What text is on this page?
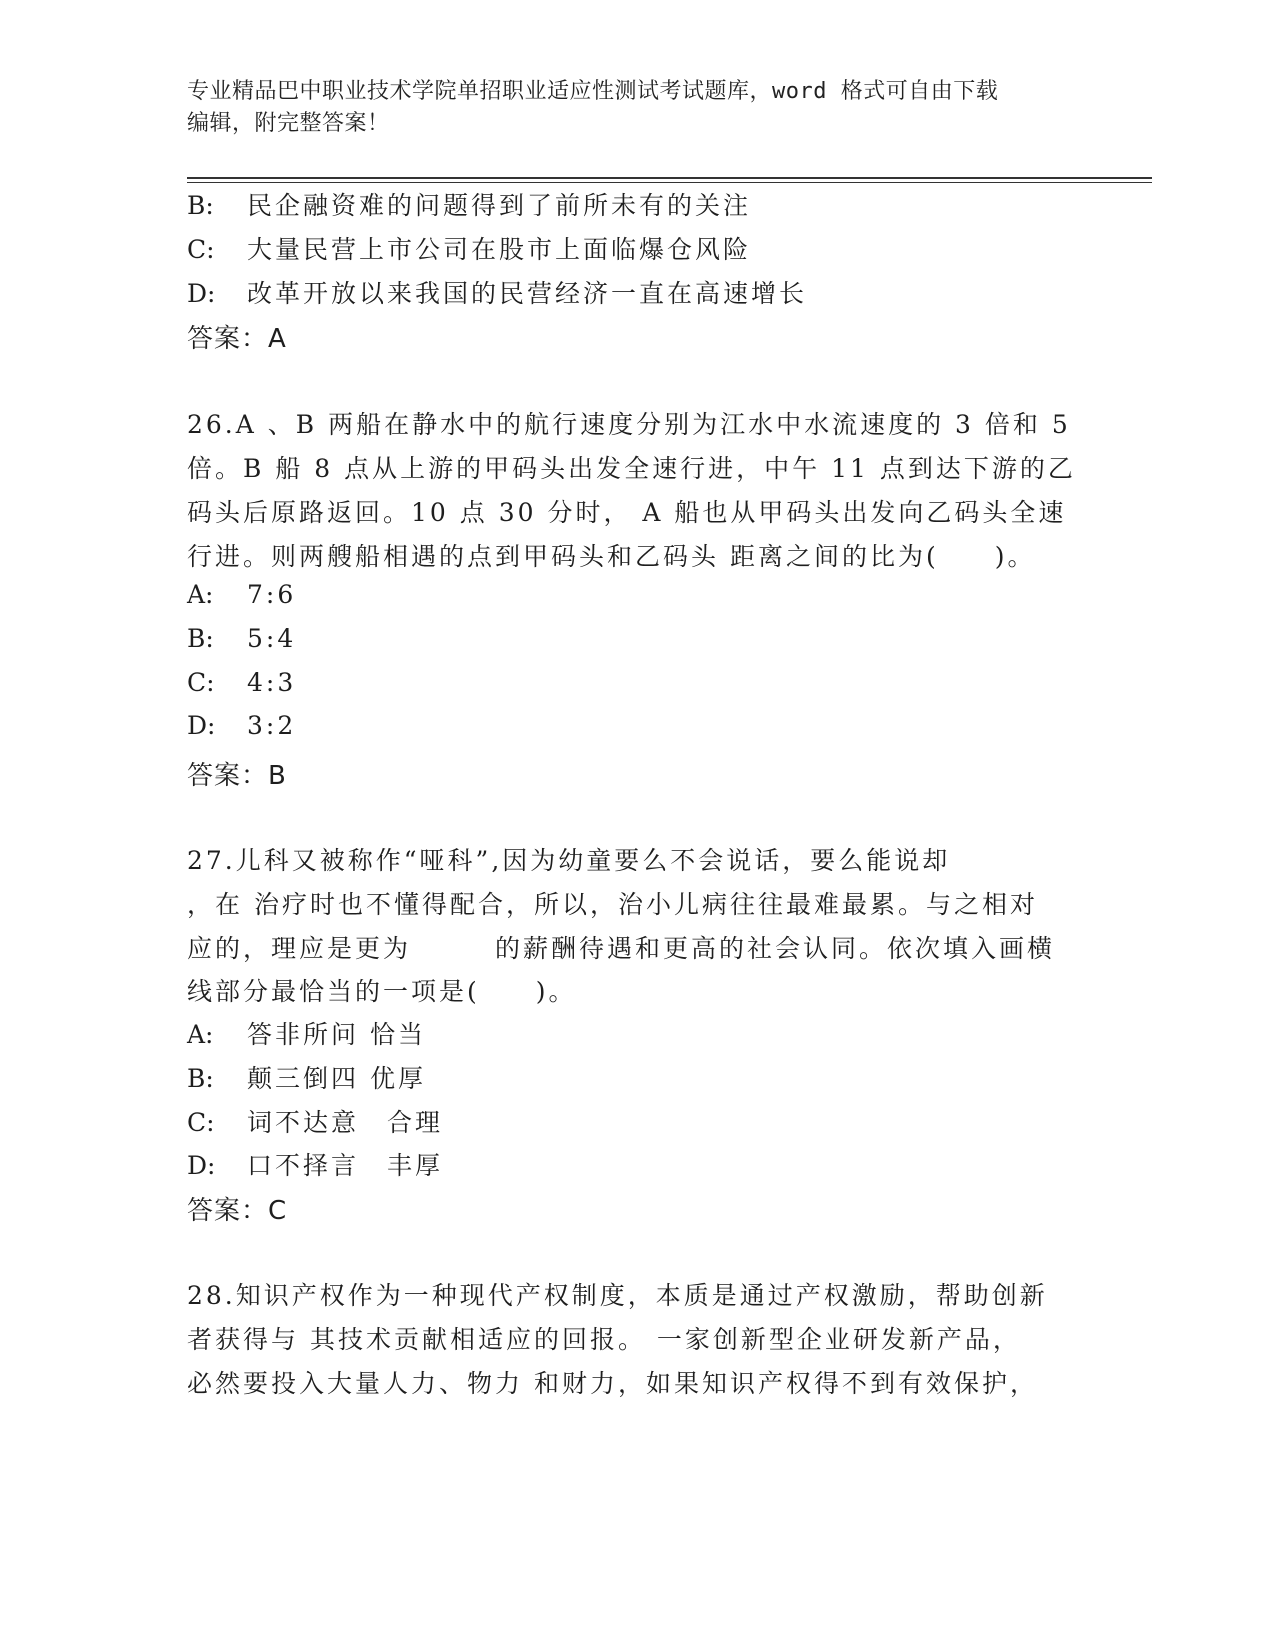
专业精品巴中职业技术学院单招职业适应性测试考试题库，word 格式可自由下载
编辑，附完整答案！
B: 民企融资难的问题得到了前所未有的关注
C: 大量民营上市公司在股市上面临爆仓风险
D: 改革开放以来我国的民营经济一直在高速增长
答案：A
26.A 、B 两船在静水中的航行速度分别为江水中水流速度的 3 倍和 5
倍。B 船 8 点从上游的甲码头出发全速行进，中午 11 点到达下游的乙
码头后原路返回。10 点 30 分时， A 船也从甲码头出发向乙码头全速
行进。则两艘船相遇的点到甲码头和乙码头 距离之间的比为(　　)。
A: 7:6
B: 5:4
C: 4:3
D: 3:2
答案：B
27.儿科又被称作“哑科”,因为幼童要么不会说话，要么能说却
，在 治疗时也不懂得配合，所以，治小儿病往往最难最累。与之相对
应的，理应是更为　　　的薪酬待遇和更高的社会认同。依次填入画横
线部分最恰当的一项是(　　)。
A: 答非所问 恰当
B: 颠三倒四 优厚
C: 词不达意　合理
D: 口不择言　丰厚
答案：C
28.知识产权作为一种现代产权制度，本质是通过产权激励，帮助创新
者获得与 其技术贡献相适应的回报。 一家创新型企业研发新产品，
必然要投入大量人力、物力 和财力，如果知识产权得不到有效保护，
